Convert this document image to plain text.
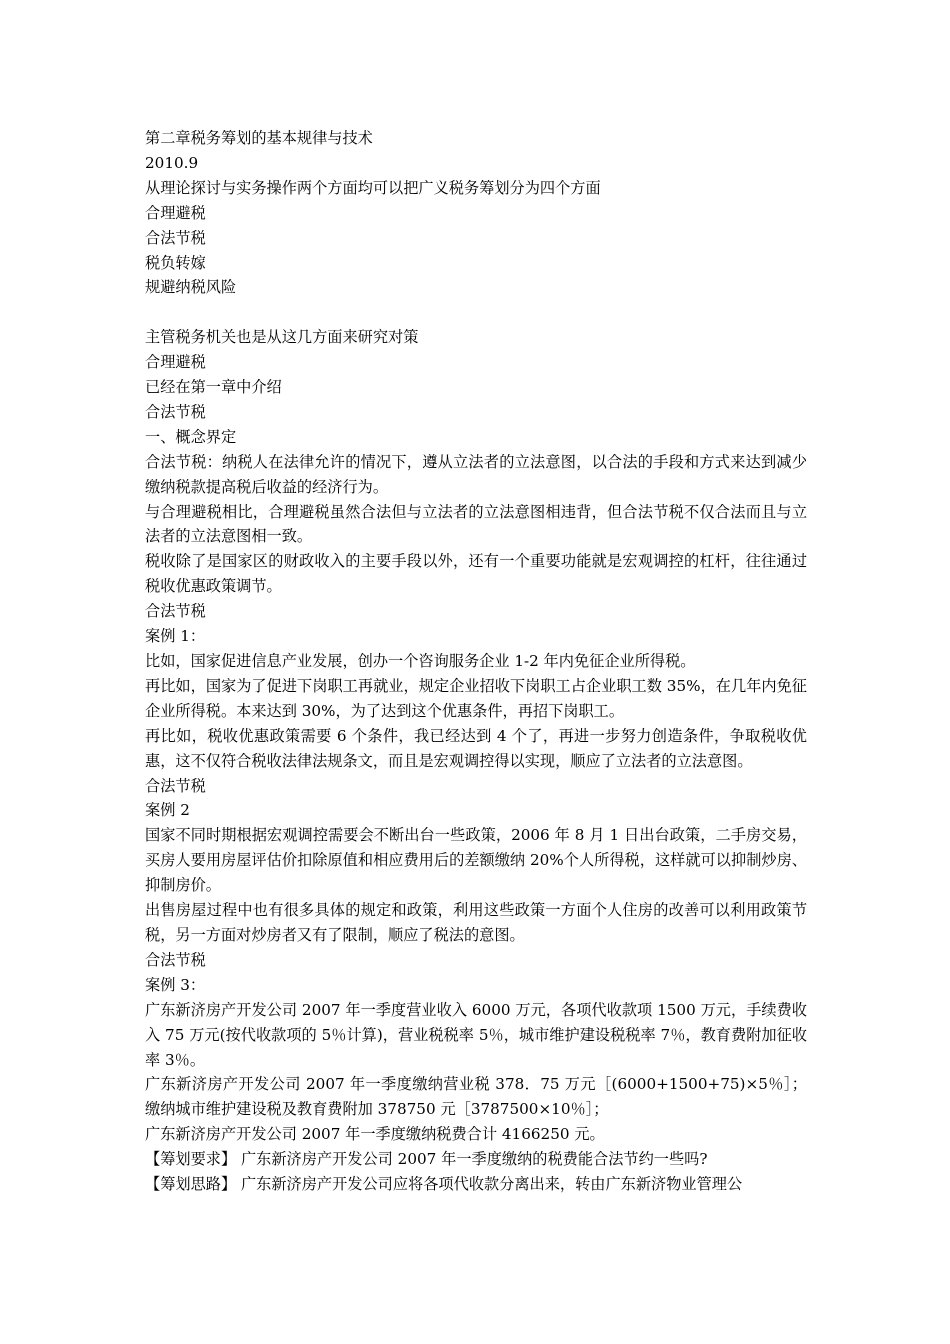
第二章税务筹划的基本规律与技术

2010.9

从理论探讨与实务操作两个方面均可以把广义税务筹划分为四个方面

合理避税

合法节税

税负转嫁

规避纳税风险

主管税务机关也是从这几方面来研究对策

合理避税

已经在第一章中介绍

合法节税

一、概念界定

合法节税：纳税人在法律允许的情况下，遵从立法者的立法意图，以合法的手段和方式来达到减少缴纳税款提高税后收益的经济行为。

与合理避税相比，合理避税虽然合法但与立法者的立法意图相违背，但合法节税不仅合法而且与立法者的立法意图相一致。

税收除了是国家区的财政收入的主要手段以外，还有一个重要功能就是宏观调控的杠杆，往往通过税收优惠政策调节。

合法节税

案例 1：

比如，国家促进信息产业发展，创办一个咨询服务企业 1-2 年内免征企业所得税。

再比如，国家为了促进下岗职工再就业，规定企业招收下岗职工占企业职工数 35%，在几年内免征企业所得税。本来达到 30%，为了达到这个优惠条件，再招下岗职工。

再比如，税收优惠政策需要 6 个条件，我已经达到 4 个了，再进一步努力创造条件，争取税收优惠，这不仅符合税收法律法规条文，而且是宏观调控得以实现，顺应了立法者的立法意图。

合法节税

案例 2

国家不同时期根据宏观调控需要会不断出台一些政策，2006 年 8 月 1 日出台政策，二手房交易，买房人要用房屋评估价扣除原值和相应费用后的差额缴纳 20%个人所得税，这样就可以抑制炒房、抑制房价。

出售房屋过程中也有很多具体的规定和政策，利用这些政策一方面个人住房的改善可以利用政策节税，另一方面对炒房者又有了限制，顺应了税法的意图。

合法节税

案例 3：

广东新济房产开发公司 2007 年一季度营业收入 6000 万元，各项代收款项 1500 万元，手续费收入 75 万元(按代收款项的 5％计算)，营业税税率 5％，城市维护建设税税率 7％，教育费附加征收率 3％。

广东新济房产开发公司 2007 年一季度缴纳营业税 378．75 万元［(6000+1500+75)×5％］；缴纳城市维护建设税及教育费附加 378750 元［3787500×10％］；

广东新济房产开发公司 2007 年一季度缴纳税费合计 4166250 元。

【筹划要求】 广东新济房产开发公司 2007 年一季度缴纳的税费能合法节约一些吗?

【筹划思路】 广东新济房产开发公司应将各项代收款分离出来，转由广东新济物业管理公
